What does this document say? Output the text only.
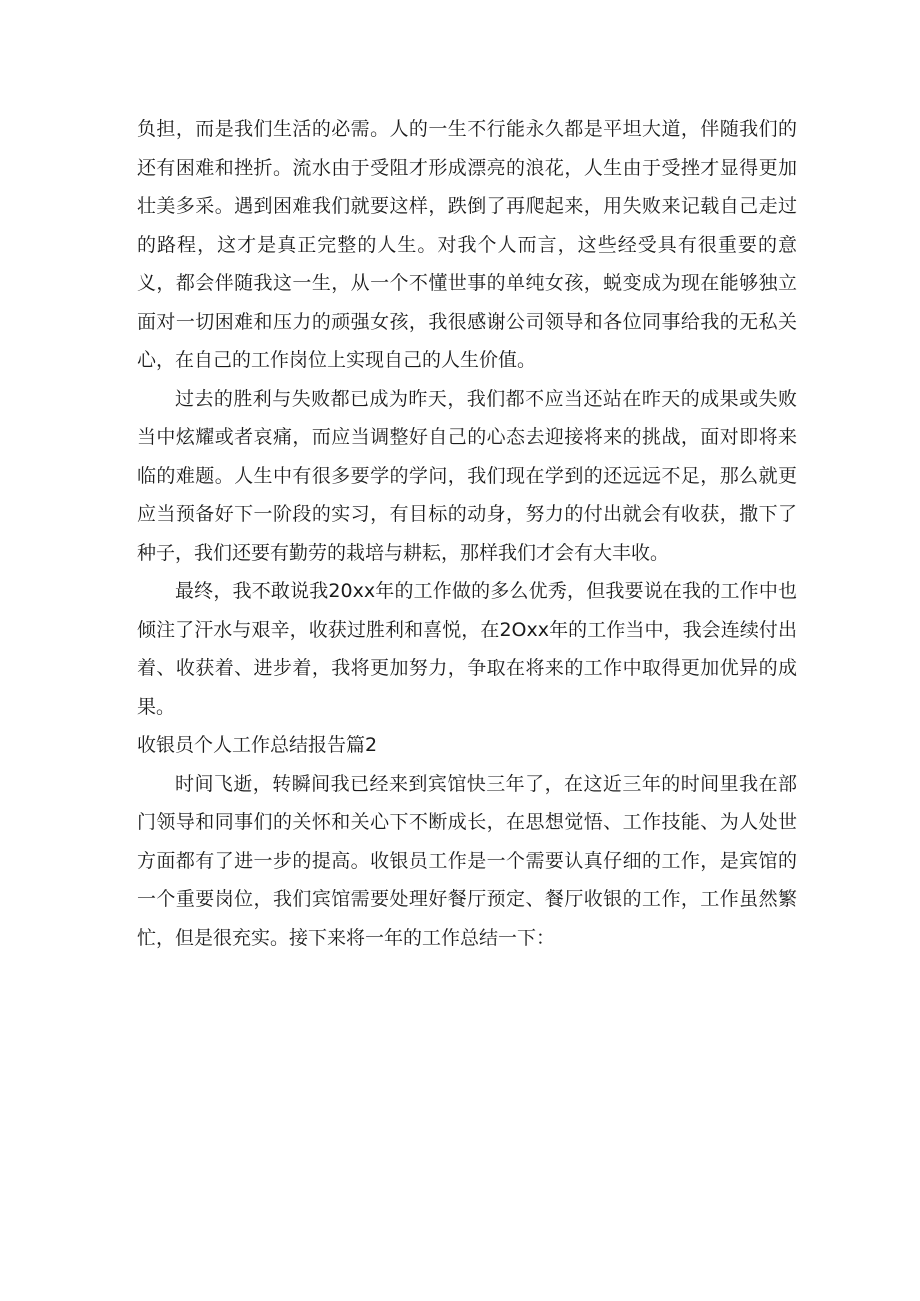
负担，而是我们生活的必需。人的一生不行能永久都是平坦大道，伴随我们的还有困难和挫折。流水由于受阻才形成漂亮的浪花，人生由于受挫才显得更加壮美多采。遇到困难我们就要这样，跌倒了再爬起来，用失败来记载自己走过的路程，这才是真正完整的人生。对我个人而言，这些经受具有很重要的意义，都会伴随我这一生，从一个不懂世事的单纯女孩，蜕变成为现在能够独立面对一切困难和压力的顽强女孩，我很感谢公司领导和各位同事给我的无私关心，在自己的工作岗位上实现自己的人生价值。

过去的胜利与失败都已成为昨天，我们都不应当还站在昨天的成果或失败当中炫耀或者哀痛，而应当调整好自己的心态去迎接将来的挑战，面对即将来临的难题。人生中有很多要学的学问，我们现在学到的还远远不足，那么就更应当预备好下一阶段的实习，有目标的动身，努力的付出就会有收获，撒下了种子，我们还要有勤劳的栽培与耕耘，那样我们才会有大丰收。

最终，我不敢说我20xx年的工作做的多么优秀，但我要说在我的工作中也倾注了汗水与艰辛，收获过胜利和喜悦，在2Oxx年的工作当中，我会连续付出着、收获着、进步着，我将更加努力，争取在将来的工作中取得更加优异的成果。

收银员个人工作总结报告篇2

时间飞逝，转瞬间我已经来到宾馆快三年了，在这近三年的时间里我在部门领导和同事们的关怀和关心下不断成长，在思想觉悟、工作技能、为人处世方面都有了进一步的提高。收银员工作是一个需要认真仔细的工作，是宾馆的一个重要岗位，我们宾馆需要处理好餐厅预定、餐厅收银的工作，工作虽然繁忙，但是很充实。接下来将一年的工作总结一下：
